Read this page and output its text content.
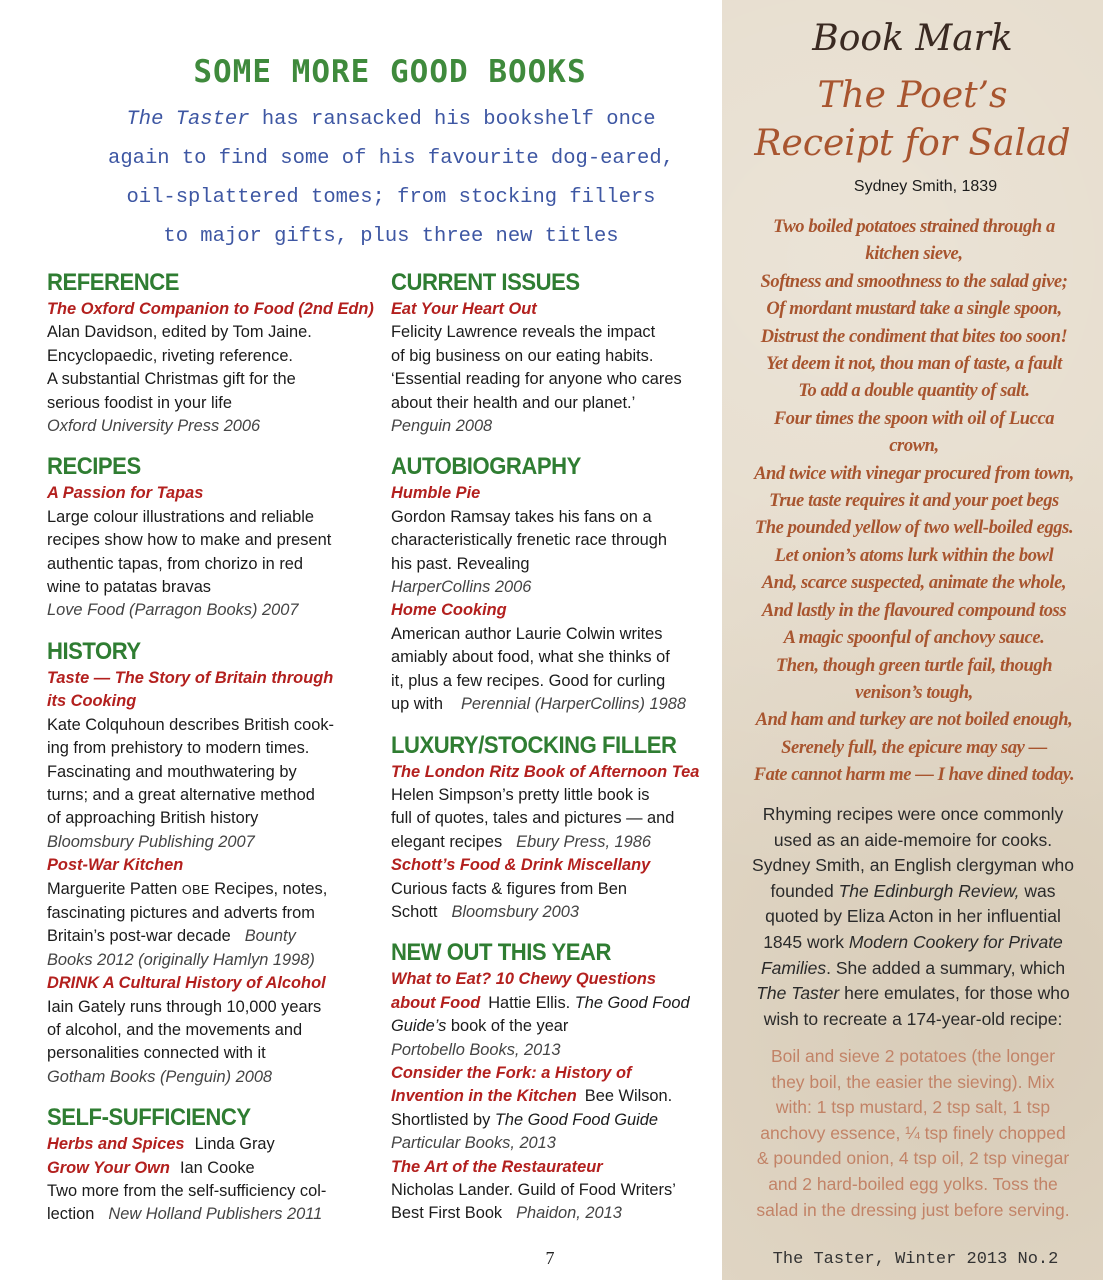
SOME MORE GOOD BOOKS
The Taster has ransacked his bookshelf once
again to find some of his favourite dog-eared,
oil-splattered tomes; from stocking fillers
to major gifts, plus three new titles
REFERENCE
The Oxford Companion to Food (2nd Edn)
Alan Davidson, edited by Tom Jaine.
Encyclopaedic, riveting reference.
A substantial Christmas gift for the
serious foodist in your life
Oxford University Press 2006
RECIPES
A Passion for Tapas
Large colour illustrations and reliable
recipes show how to make and present
authentic tapas, from chorizo in red
wine to patatas bravas
Love Food (Parragon Books) 2007
HISTORY
Taste — The Story of Britain through
its Cooking
Kate Colquhoun describes British cook-
ing from prehistory to modern times.
Fascinating and mouthwatering by
turns; and a great alternative method
of approaching British history
Bloomsbury Publishing 2007
Post-War Kitchen
Marguerite Patten OBE Recipes, notes,
fascinating pictures and adverts from
Britain’s post-war decade Bounty
Books 2012 (originally Hamlyn 1998)
DRINK A Cultural History of Alcohol
Iain Gately runs through 10,000 years
of alcohol, and the movements and
personalities connected with it
Gotham Books (Penguin) 2008
SELF-SUFFICIENCY
Herbs and Spices Linda Gray
Grow Your Own Ian Cooke
Two more from the self-sufficiency col-
lection New Holland Publishers 2011
CURRENT ISSUES
Eat Your Heart Out
Felicity Lawrence reveals the impact
of big business on our eating habits.
‘Essential reading for anyone who cares
about their health and our planet.’
Penguin 2008
AUTOBIOGRAPHY
Humble Pie
Gordon Ramsay takes his fans on a
characteristically frenetic race through
his past. Revealing
HarperCollins 2006
Home Cooking
American author Laurie Colwin writes
amiably about food, what she thinks of
it, plus a few recipes. Good for curling
up with Perennial (HarperCollins) 1988
LUXURY/STOCKING FILLER
The London Ritz Book of Afternoon Tea
Helen Simpson’s pretty little book is
full of quotes, tales and pictures — and
elegant recipes Ebury Press, 1986
Schott’s Food & Drink Miscellany
Curious facts & figures from Ben
Schott Bloomsbury 2003
NEW OUT THIS YEAR
What to Eat? 10 Chewy Questions
about Food Hattie Ellis. The Good Food
Guide’s book of the year
Portobello Books, 2013
Consider the Fork: a History of
Invention in the Kitchen Bee Wilson.
Shortlisted by The Good Food Guide
Particular Books, 2013
The Art of the Restaurateur
Nicholas Lander. Guild of Food Writers’
Best First Book Phaidon, 2013
Book Mark
The Poet’s
Receipt for Salad
Sydney Smith, 1839
Two boiled potatoes strained through a
kitchen sieve,
Softness and smoothness to the salad give;
Of mordant mustard take a single spoon,
Distrust the condiment that bites too soon!
Yet deem it not, thou man of taste, a fault
To add a double quantity of salt.
Four times the spoon with oil of Lucca
crown,
And twice with vinegar procured from town,
True taste requires it and your poet begs
The pounded yellow of two well-boiled eggs.
Let onion’s atoms lurk within the bowl
And, scarce suspected, animate the whole,
And lastly in the flavoured compound toss
A magic spoonful of anchovy sauce.
Then, though green turtle fail, though
venison’s tough,
And ham and turkey are not boiled enough,
Serenely full, the epicure may say —
Fate cannot harm me — I have dined today.
Rhyming recipes were once commonly
used as an aide-memoire for cooks.
Sydney Smith, an English clergyman who
founded The Edinburgh Review, was
quoted by Eliza Acton in her influential
1845 work Modern Cookery for Private
Families. She added a summary, which
The Taster here emulates, for those who
wish to recreate a 174-year-old recipe:
Boil and sieve 2 potatoes (the longer
they boil, the easier the sieving). Mix
with: 1 tsp mustard, 2 tsp salt, 1 tsp
anchovy essence, ¼ tsp finely chopped
& pounded onion, 4 tsp oil, 2 tsp vinegar
and 2 hard-boiled egg yolks. Toss the
salad in the dressing just before serving.
7	The Taster, Winter 2013 No.2
